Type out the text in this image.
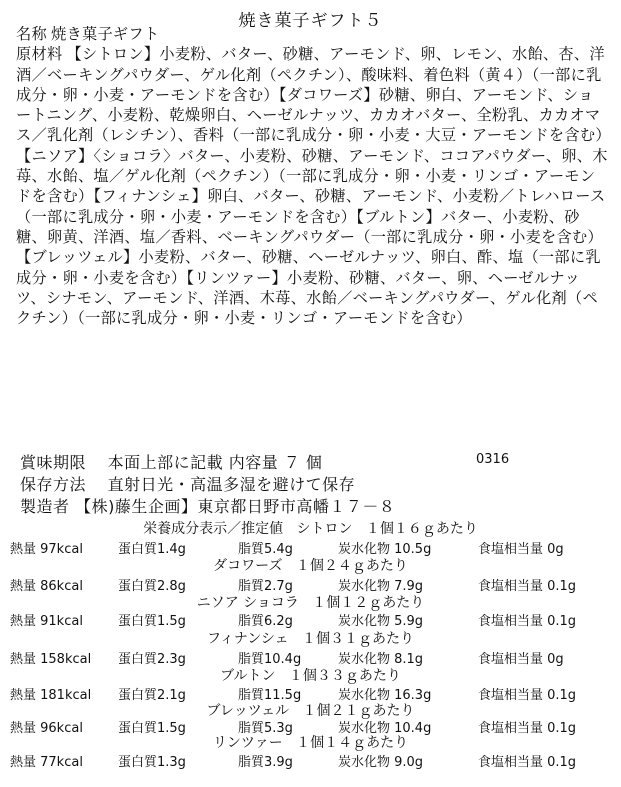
焼き菓子ギフト５
名称 焼き菓子ギフト
原材料 【シトロン】小麦粉、バター、砂糖、アーモンド、卵、レモン、水飴、杏、洋酒／ベーキングパウダー、ゲル化剤（ペクチン）、酸味料、着色料（黄４）（一部に乳成分・卵・小麦・アーモンドを含む）【ダコワーズ】砂糖、卵白、アーモンド、ショートニング、小麦粉、乾燥卵白、ヘーゼルナッツ、カカオバター、全粉乳、カカオマス／乳化剤（レシチン）、香料（一部に乳成分・卵・小麦・大豆・アーモンドを含む）【ニソア】〈ショコラ〉バター、小麦粉、砂糖、アーモンド、ココアパウダー、卵、木苺、水飴、塩／ゲル化剤（ペクチン）（一部に乳成分・卵・小麦・リンゴ・アーモンドを含む）【フィナンシェ】卵白、バター、砂糖、アーモンド、小麦粉／トレハロース（一部に乳成分・卵・小麦・アーモンドを含む）【ブルトン】バター、小麦粉、砂糖、卵黄、洋酒、塩／香料、ベーキングパウダー（一部に乳成分・卵・小麦を含む）【ブレッツェル】小麦粉、バター、砂糖、ヘーゼルナッツ、卵白、酢、塩（一部に乳成分・卵・小麦を含む）【リンツァー】小麦粉、砂糖、バター、卵、ヘーゼルナッツ、シナモン、アーモンド、洋酒、木苺、水飴／ベーキングパウダー、ゲル化剤（ペクチン）（一部に乳成分・卵・小麦・リンゴ・アーモンドを含む）
賞味期限 本面上部に記載 内容量 ７ 個	0316
保存方法 直射日光・高温多湿を避けて保存
製造者 【株)藤生企画】東京都日野市高幡１７－８
栄養成分表示／推定値 シトロン １個１６ｇあたり
熱量 97kcal	蛋白質1.4g	脂質5.4g	炭水化物 10.5g	食塩相当量 0g
ダコワーズ １個２４ｇあたり
熱量 86kcal	蛋白質2.8g	脂質2.7g	炭水化物 7.9g	食塩相当量 0.1g
ニソア ショコラ １個１２ｇあたり
熱量 91kcal	蛋白質1.5g	脂質6.2g	炭水化物 5.9g	食塩相当量 0.1g
フィナンシェ １個３１ｇあたり
熱量 158kcal 蛋白質2.3g	脂質10.4g	炭水化物 8.1g	食塩相当量 0g
ブルトン １個３３ｇあたり
熱量 181kcal 蛋白質2.1g	脂質11.5g	炭水化物 16.3g	食塩相当量 0.1g
ブレッツェル １個２１ｇあたり
熱量 96kcal	蛋白質1.5g	脂質5.3g	炭水化物 10.4g	食塩相当量 0.1g
リンツァー １個１４ｇあたり
熱量 77kcal	蛋白質1.3g	脂質3.9g	炭水化物 9.0g	食塩相当量 0.1g
